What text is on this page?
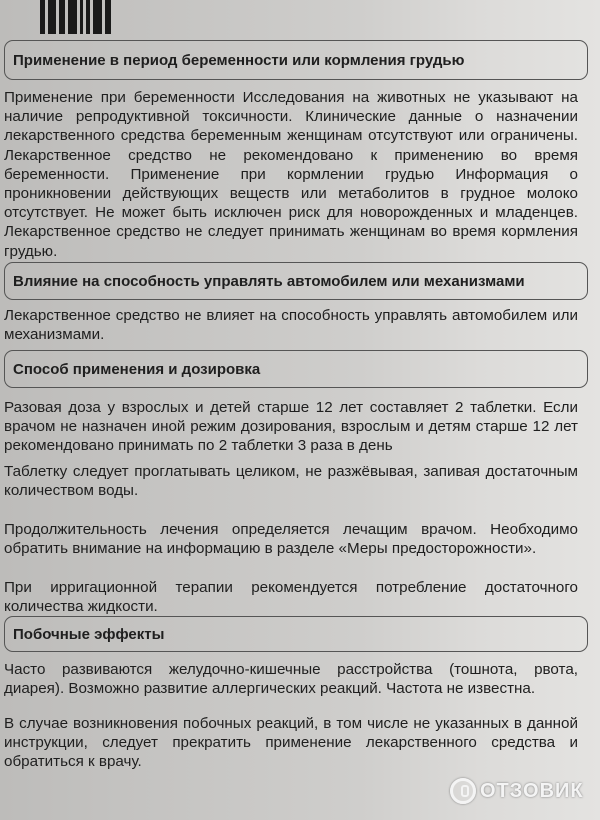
Применение в период беременности или кормления грудью
Применение при беременности Исследования на животных не указывают на наличие репродуктивной токсичности. Клинические данные о назначении лекарственного средства беременным женщинам отсутствуют или ограничены. Лекарственное средство не рекомендовано к применению во время беременности. Применение при кормлении грудью Информация о проникновении действующих веществ или метаболитов в грудное молоко отсутствует. Не может быть исключен риск для новорожденных и младенцев. Лекарственное средство не следует принимать женщинам во время кормления грудью.
Влияние на способность управлять автомобилем или механизмами
Лекарственное средство не влияет на способность управлять автомобилем или механизмами.
Способ применения и дозировка
Разовая доза у взрослых и детей старше 12 лет составляет 2 таблетки. Если врачом не назначен иной режим дозирования, взрослым и детям старше 12 лет рекомендовано принимать по 2 таблетки 3 раза в день
Таблетку следует проглатывать целиком, не разжёвывая, запивая достаточным количеством воды.
Продолжительность лечения определяется лечащим врачом. Необходимо обратить внимание на информацию в разделе «Меры предосторожности».
При ирригационной терапии рекомендуется потребление достаточного количества жидкости.
Побочные эффекты
Часто развиваются желудочно-кишечные расстройства (тошнота, рвота, диарея). Возможно развитие аллергических реакций. Частота не известна.
В случае возникновения побочных реакций, в том числе не указанных в данной инструкции, следует прекратить применение лекарственного средства и обратиться к врачу.
ОТЗОВИК
